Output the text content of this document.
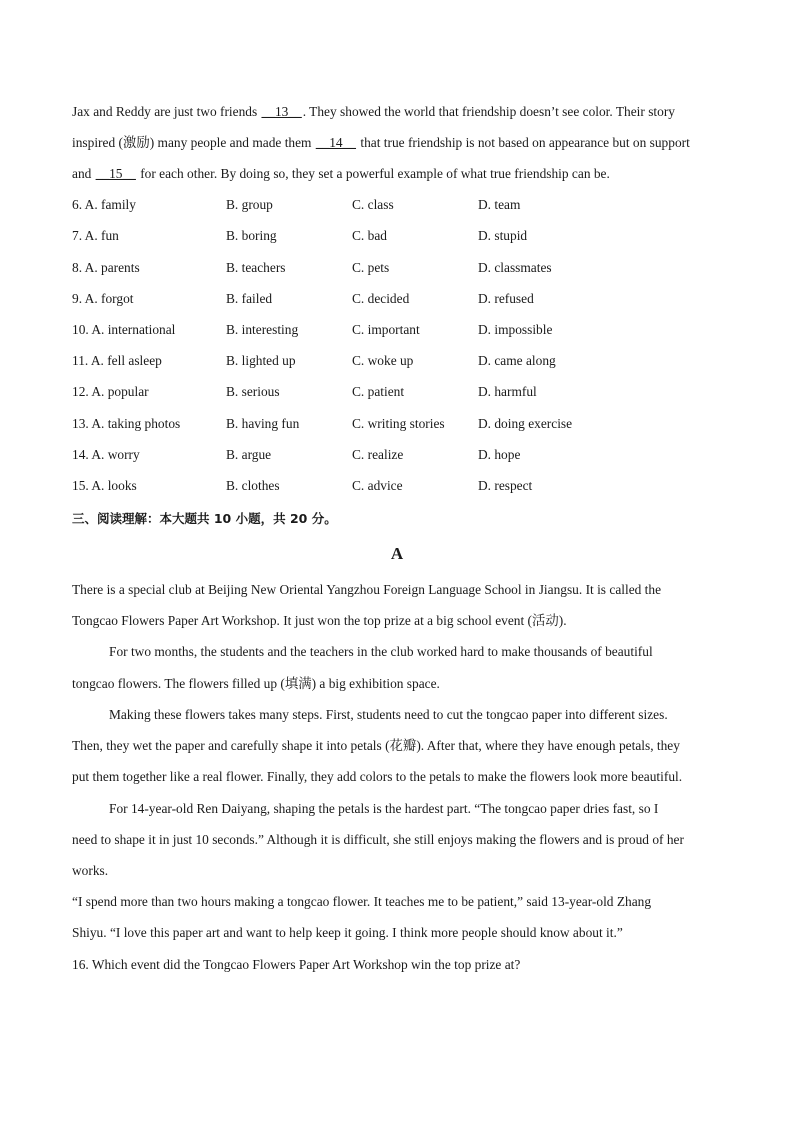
Jax and Reddy are just two friends __13__. They showed the world that friendship doesn’t see color. Their story
inspired (激励) many people and made them __14__ that true friendship is not based on appearance but on support
and __15__ for each other. By doing so, they set a powerful example of what true friendship can be.
6. A. family	B. group	C. class	D. team
7. A. fun	B. boring	C. bad	D. stupid
8. A. parents	B. teachers	C. pets	D. classmates
9. A. forgot	B. failed	C. decided	D. refused
10. A. international	B. interesting	C. important	D. impossible
11. A. fell asleep	B. lighted up	C. woke up	D. came along
12. A. popular	B. serious	C. patient	D. harmful
13. A. taking photos	B. having fun	C. writing stories D. doing exercise
14. A. worry	B. argue	C. realize	D. hope
15. A. looks	B. clothes	C. advice	D. respect
三、阅读理解：本大题共 10 小题，共 20 分。
A
There is a special club at Beijing New Oriental Yangzhou Foreign Language School in Jiangsu. It is called the
Tongcao Flowers Paper Art Workshop. It just won the top prize at a big school event (活动).
For two months, the students and the teachers in the club worked hard to make thousands of beautiful
tongcao flowers. The flowers filled up (填满) a big exhibition space.
Making these flowers takes many steps. First, students need to cut the tongcao paper into different sizes.
Then, they wet the paper and carefully shape it into petals (花瓣). After that, where they have enough petals, they
put them together like a real flower. Finally, they add colors to the petals to make the flowers look more beautiful.
For 14-year-old Ren Daiyang, shaping the petals is the hardest part. “The tongcao paper dries fast, so I
need to shape it in just 10 seconds.” Although it is difficult, she still enjoys making the flowers and is proud of her
works.
“I spend more than two hours making a tongcao flower. It teaches me to be patient,” said 13-year-old Zhang
Shiyu. “I love this paper art and want to help keep it going. I think more people should know about it.”
16. Which event did the Tongcao Flowers Paper Art Workshop win the top prize at?
